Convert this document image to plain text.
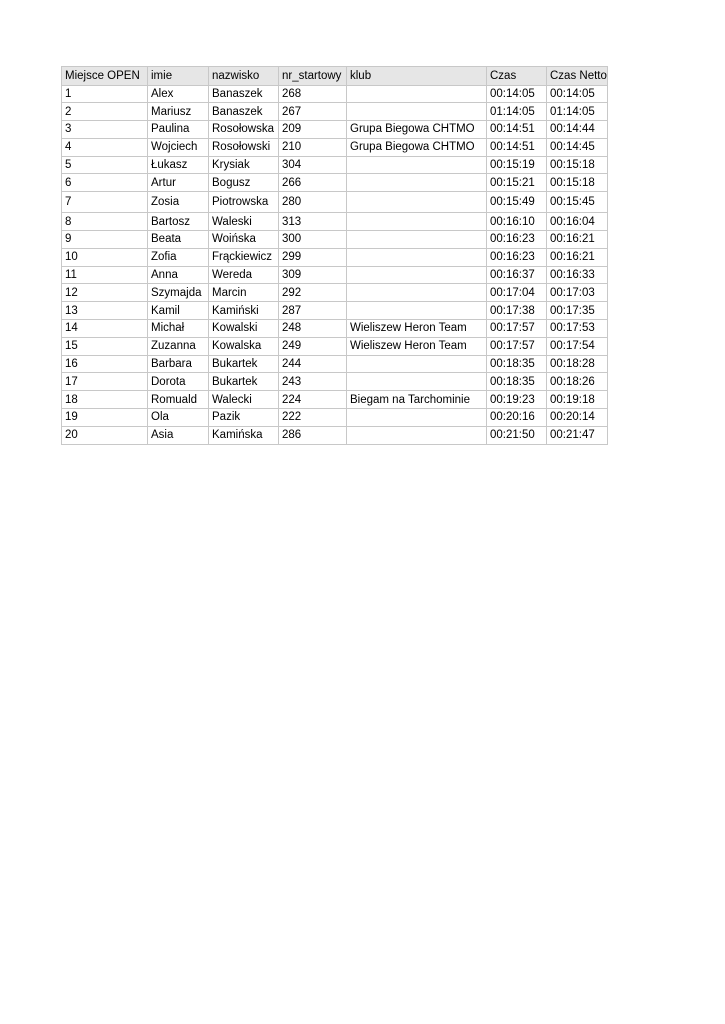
Miejsce OPEN	imie	nazwisko	nr_startowy	klub	Czas	Czas Netto
1	Alex	Banaszek	268		00:14:05	00:14:05
2	Mariusz	Banaszek	267		01:14:05	01:14:05
3	Paulina	Rosołowska	209	Grupa Biegowa CHTMO	00:14:51	00:14:44
4	Wojciech	Rosołowski	210	Grupa Biegowa CHTMO	00:14:51	00:14:45
5	Łukasz	Krysiak	304		00:15:19	00:15:18
6	Artur	Bogusz	266		00:15:21	00:15:18
7	Zosia	Piotrowska	280		00:15:49	00:15:45
8	Bartosz	Waleski	313		00:16:10	00:16:04
9	Beata	Woińska	300		00:16:23	00:16:21
10	Zofia	Frąckiewicz	299		00:16:23	00:16:21
11	Anna	Wereda	309		00:16:37	00:16:33
12	Szymajda	Marcin	292		00:17:04	00:17:03
13	Kamil	Kamiński	287		00:17:38	00:17:35
14	Michał	Kowalski	248	Wieliszew Heron Team	00:17:57	00:17:53
15	Zuzanna	Kowalska	249	Wieliszew Heron Team	00:17:57	00:17:54
16	Barbara	Bukartek	244		00:18:35	00:18:28
17	Dorota	Bukartek	243		00:18:35	00:18:26
18	Romuald	Walecki	224	Biegam na Tarchominie	00:19:23	00:19:18
19	Ola	Pazik	222		00:20:16	00:20:14
20	Asia	Kamińska	286		00:21:50	00:21:47
